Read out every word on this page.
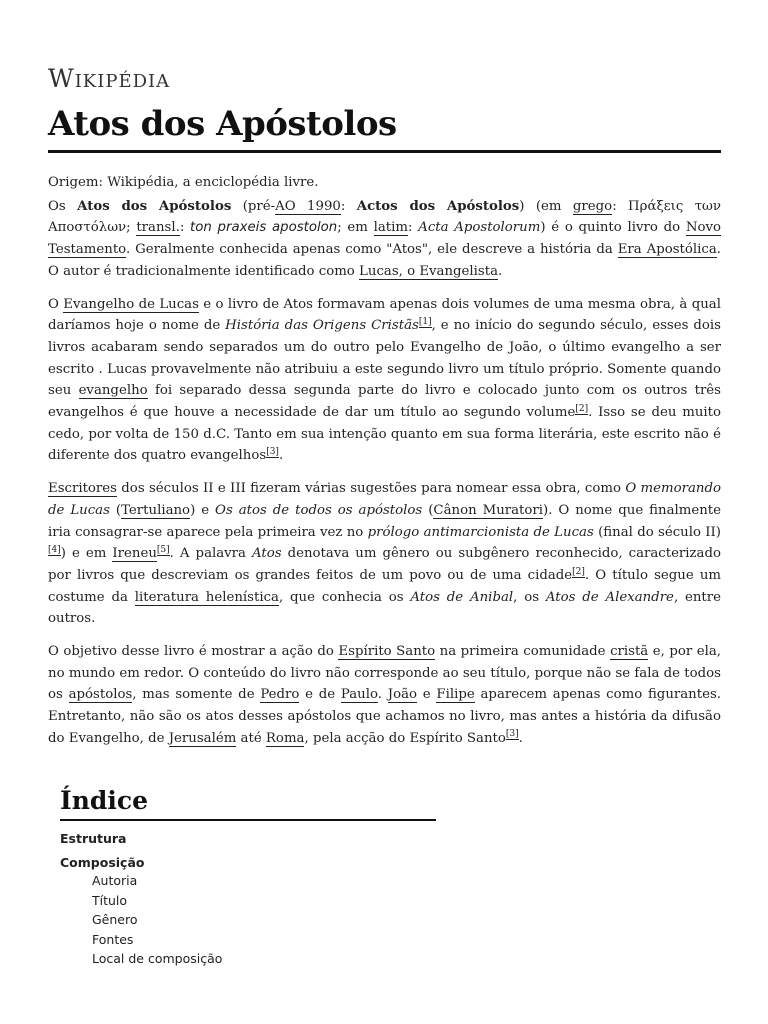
Wikipédia
Atos dos Apóstolos

Origem: Wikipédia, a enciclopédia livre.

Os Atos dos Apóstolos (pré-AO 1990: Actos dos Apóstolos) (em grego: Πράξεις των Αποστόλων; transl.: ton praxeis apostolon; em latim: Acta Apostolorum) é o quinto livro do Novo Testamento. Geralmente conhecida apenas como "Atos", ele descreve a história da Era Apostólica. O autor é tradicionalmente identificado como Lucas, o Evangelista.

O Evangelho de Lucas e o livro de Atos formavam apenas dois volumes de uma mesma obra, à qual daríamos hoje o nome de História das Origens Cristãs[1], e no início do segundo século, esses dois livros acabaram sendo separados um do outro pelo Evangelho de João, o último evangelho a ser escrito . Lucas provavelmente não atribuiu a este segundo livro um título próprio. Somente quando seu evangelho foi separado dessa segunda parte do livro e colocado junto com os outros três evangelhos é que houve a necessidade de dar um título ao segundo volume[2]. Isso se deu muito cedo, por volta de 150 d.C. Tanto em sua intenção quanto em sua forma literária, este escrito não é diferente dos quatro evangelhos[3].

Escritores dos séculos II e III fizeram várias sugestões para nomear essa obra, como O memorando de Lucas (Tertuliano) e Os atos de todos os apóstolos (Cânon Muratori). O nome que finalmente iria consagrar-se aparece pela primeira vez no prólogo antimarcionista de Lucas (final do século II)[4]) e em Ireneu[5]. A palavra Atos denotava um gênero ou subgênero reconhecido, caracterizado por livros que descreviam os grandes feitos de um povo ou de uma cidade[2]. O título segue um costume da literatura helenística, que conhecia os Atos de Anibal, os Atos de Alexandre, entre outros.

O objetivo desse livro é mostrar a ação do Espírito Santo na primeira comunidade cristã e, por ela, no mundo em redor. O conteúdo do livro não corresponde ao seu título, porque não se fala de todos os apóstolos, mas somente de Pedro e de Paulo. João e Filipe aparecem apenas como figurantes. Entretanto, não são os atos desses apóstolos que achamos no livro, mas antes a história da difusão do Evangelho, de Jerusalém até Roma, pela acção do Espírito Santo[3].

Índice
Estrutura
Composição
Autoria
Título
Gênero
Fontes
Local de composição
